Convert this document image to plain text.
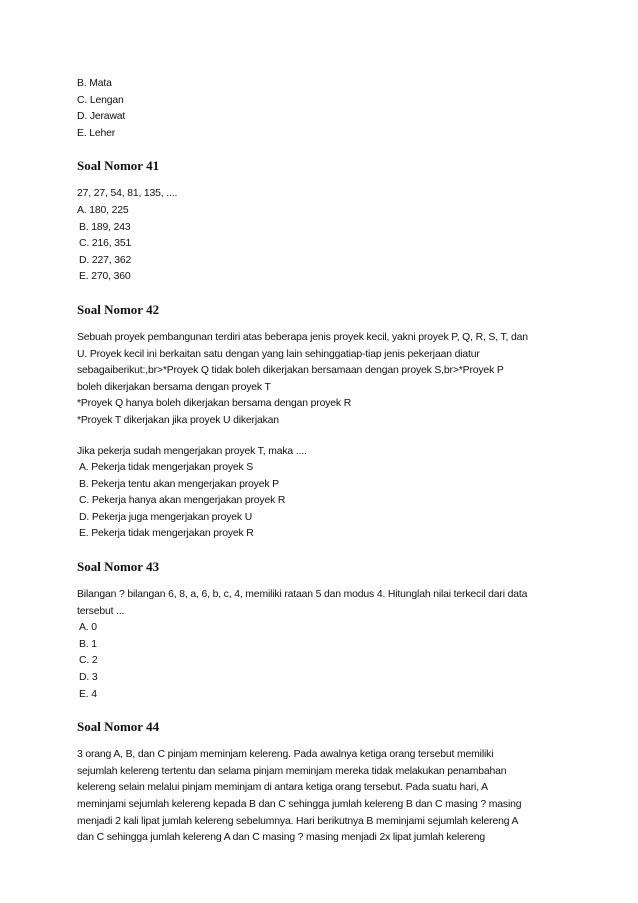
B. Mata
C. Lengan
D. Jerawat
E. Leher
Soal Nomor 41
27, 27, 54, 81, 135, ....
A. 180, 225
B. 189, 243
C. 216, 351
D. 227, 362
E. 270, 360
Soal Nomor 42
Sebuah proyek pembangunan terdiri atas beberapa jenis proyek kecil, yakni proyek P, Q, R, S, T, dan
U. Proyek kecil ini berkaitan satu dengan yang lain sehinggatiap-tiap jenis pekerjaan diatur
sebagaiberikut:,br>*Proyek Q tidak boleh dikerjakan bersamaan dengan proyek S,br>*Proyek P
boleh dikerjakan bersama dengan proyek T
*Proyek Q hanya boleh dikerjakan bersama dengan proyek R
*Proyek T dikerjakan jika proyek U dikerjakan
Jika pekerja sudah mengerjakan proyek T, maka ....
A. Pekerja tidak mengerjakan proyek S
B. Pekerja tentu akan mengerjakan proyek P
C. Pekerja hanya akan mengerjakan proyek R
D. Pekerja juga mengerjakan proyek U
E. Pekerja tidak mengerjakan proyek R
Soal Nomor 43
Bilangan ? bilangan 6, 8, a, 6, b, c, 4, memiliki rataan 5 dan modus 4. Hitunglah nilai terkecil dari data
tersebut ...
A. 0
B. 1
C. 2
D. 3
E. 4
Soal Nomor 44
3 orang A, B, dan C pinjam meminjam kelereng. Pada awalnya ketiga orang tersebut memiliki
sejumlah kelereng tertentu dan selama pinjam meminjam mereka tidak melakukan penambahan
kelereng selain melalui pinjam meminjam di antara ketiga orang tersebut. Pada suatu hari, A
meminjami sejumlah kelereng kepada B dan C sehingga jumlah kelereng B dan C masing ? masing
menjadi 2 kali lipat jumlah kelereng sebelumnya. Hari berikutnya B meminjami sejumlah kelereng A
dan C sehingga jumlah kelereng A dan C masing ? masing menjadi 2x lipat jumlah kelereng
